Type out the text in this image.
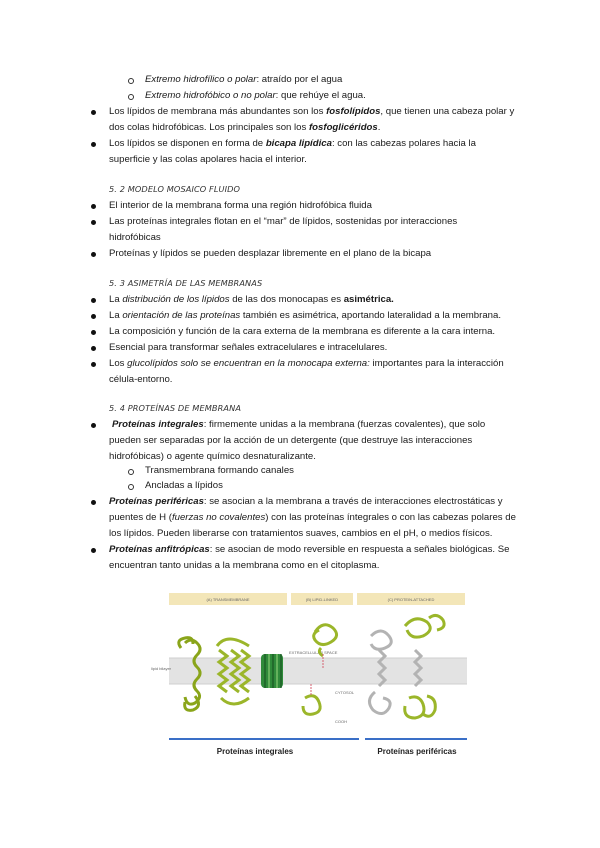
Extremo hidrofílico o polar: atraído por el agua
Extremo hidrofóbico o no polar: que rehúye el agua.
Los lípidos de membrana más abundantes son los fosfolípidos, que tienen una cabeza polar y
dos colas hidrofóbicas. Los principales son los fosfoglicéridos.
Los lípidos se disponen en forma de bicapa lipídica: con las cabezas polares hacia la
superficie y las colas apolares hacia el interior.
5. 2 MODELO MOSAICO FLUIDO
El interior de la membrana forma una región hidrofóbica fluida
Las proteínas integrales flotan en el “mar” de lípidos, sostenidas por interacciones
hidrofóbicas
Proteínas y lípidos se pueden desplazar libremente en el plano de la bicapa
5. 3 ASIMETRÍA DE LAS MEMBRANAS
La distribución de los lípidos de las dos monocapas es asimétrica.
La orientación de las proteínas también es asimétrica, aportando lateralidad a la membrana.
La composición y función de la cara externa de la membrana es diferente a la cara interna.
Esencial para transformar señales extracelulares e intracelulares.
Los glucolípidos solo se encuentran en la monocapa externa: importantes para la interacción
célula-entorno.
5. 4 PROTEÍNAS DE MEMBRANA
Proteínas integrales: firmemente unidas a la membrana (fuerzas covalentes), que solo
pueden ser separadas por la acción de un detergente (que destruye las interacciones
hidrofóbicas) o agente químico desnaturalizante.
Transmembrana formando canales
Ancladas a lípidos
Proteínas periféricas: se asocian a la membrana a través de interacciones electrostáticas y
puentes de H (fuerzas no covalentes) con las proteínas íntegrales o con las cabezas polares de
los lípidos. Pueden liberarse con tratamientos suaves, cambios en el pH, o medios físicos.
Proteínas anfitrópicas: se asocian de modo reversible en respuesta a señales biológicas. Se
encuentran tanto unidas a la membrana como en el citoplasma.
(A) TRANSMEMBRANE	(B) LIPID-LINKED	(C) PROTEIN-ATTACHED
lipid bilayer
EXTRACELLULAR SPACE
CYTOSOL
COOH
Proteínas integrales	Proteínas periféricas
